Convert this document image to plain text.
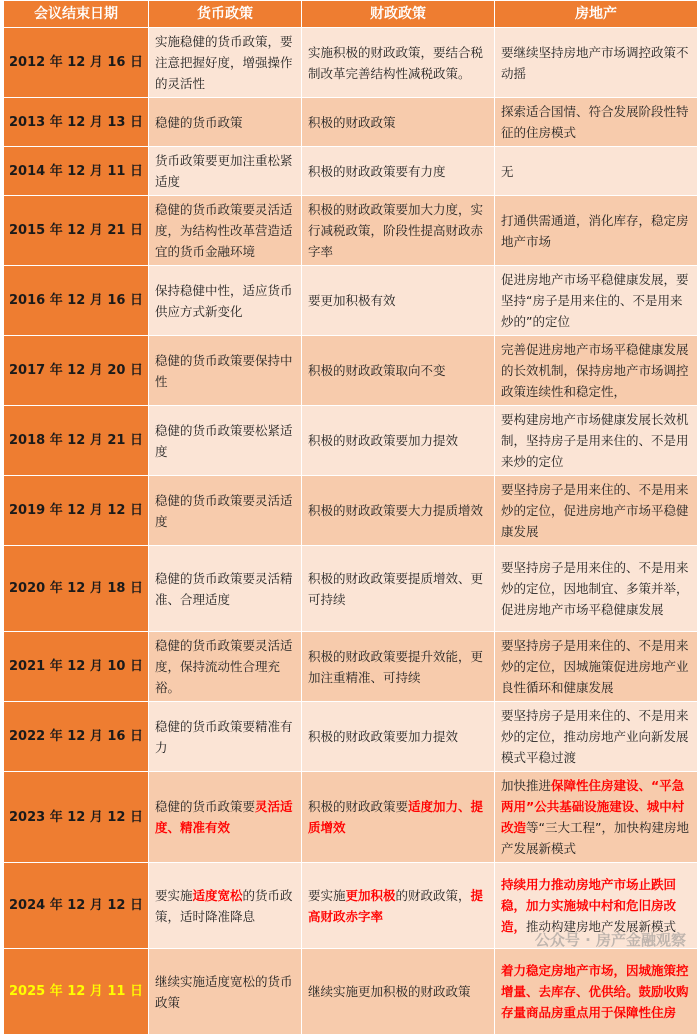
会议结束日期	货币政策	财政政策	房地产
2012 年 12 月 16 日	实施稳健的货币政策，要注意把握好度，增强操作的灵活性	实施积极的财政政策，要结合税制改革完善结构性减税政策。	要继续坚持房地产市场调控政策不动摇
2013 年 12 月 13 日	稳健的货币政策	积极的财政政策	探索适合国情、符合发展阶段性特征的住房模式
2014 年 12 月 11 日	货币政策要更加注重松紧适度	积极的财政政策要有力度	无
2015 年 12 月 21 日	稳健的货币政策要灵活适度，为结构性改革营造适宜的货币金融环境	积极的财政政策要加大力度，实行减税政策，阶段性提高财政赤字率	打通供需通道，消化库存，稳定房地产市场
2016 年 12 月 16 日	保持稳健中性，适应货币供应方式新变化	要更加积极有效	促进房地产市场平稳健康发展，要坚持“房子是用来住的、不是用来炒的”的定位
2017 年 12 月 20 日	稳健的货币政策要保持中性	积极的财政政策取向不变	完善促进房地产市场平稳健康发展的长效机制，保持房地产市场调控政策连续性和稳定性，
2018 年 12 月 21 日	稳健的货币政策要松紧适度	积极的财政政策要加力提效	要构建房地产市场健康发展长效机制，坚持房子是用来住的、不是用来炒的定位
2019 年 12 月 12 日	稳健的货币政策要灵活适度	积极的财政政策要大力提质增效	要坚持房子是用来住的、不是用来炒的定位，促进房地产市场平稳健康发展
2020 年 12 月 18 日	稳健的货币政策要灵活精准、合理适度	积极的财政政策要提质增效、更可持续	要坚持房子是用来住的、不是用来炒的定位，因地制宜、多策并举，促进房地产市场平稳健康发展
2021 年 12 月 10 日	稳健的货币政策要灵活适度，保持流动性合理充裕。	积极的财政政策要提升效能，更加注重精准、可持续	要坚持房子是用来住的、不是用来炒的定位，因城施策促进房地产业良性循环和健康发展
2022 年 12 月 16 日	稳健的货币政策要精准有力	积极的财政政策要加力提效	要坚持房子是用来住的、不是用来炒的定位，推动房地产业向新发展模式平稳过渡
2023 年 12 月 12 日	稳健的货币政策要灵活适度、精准有效	积极的财政政策要适度加力、提质增效	加快推进保障性住房建设、“平急两用”公共基础设施建设、城中村改造等“三大工程”，加快构建房地产发展新模式
2024 年 12 月 12 日	要实施适度宽松的货币政策，适时降准降息	要实施更加积极的财政政策，提高财政赤字率	持续用力推动房地产市场止跌回稳，加力实施城中村和危旧房改造，推动构建房地产发展新模式
2025 年 12 月 11 日	继续实施适度宽松的货币政策	继续实施更加积极的财政政策	着力稳定房地产市场，因城施策控增量、去库存、优供给。鼓励收购存量商品房重点用于保障性住房
公众号 · 房产金融观察
